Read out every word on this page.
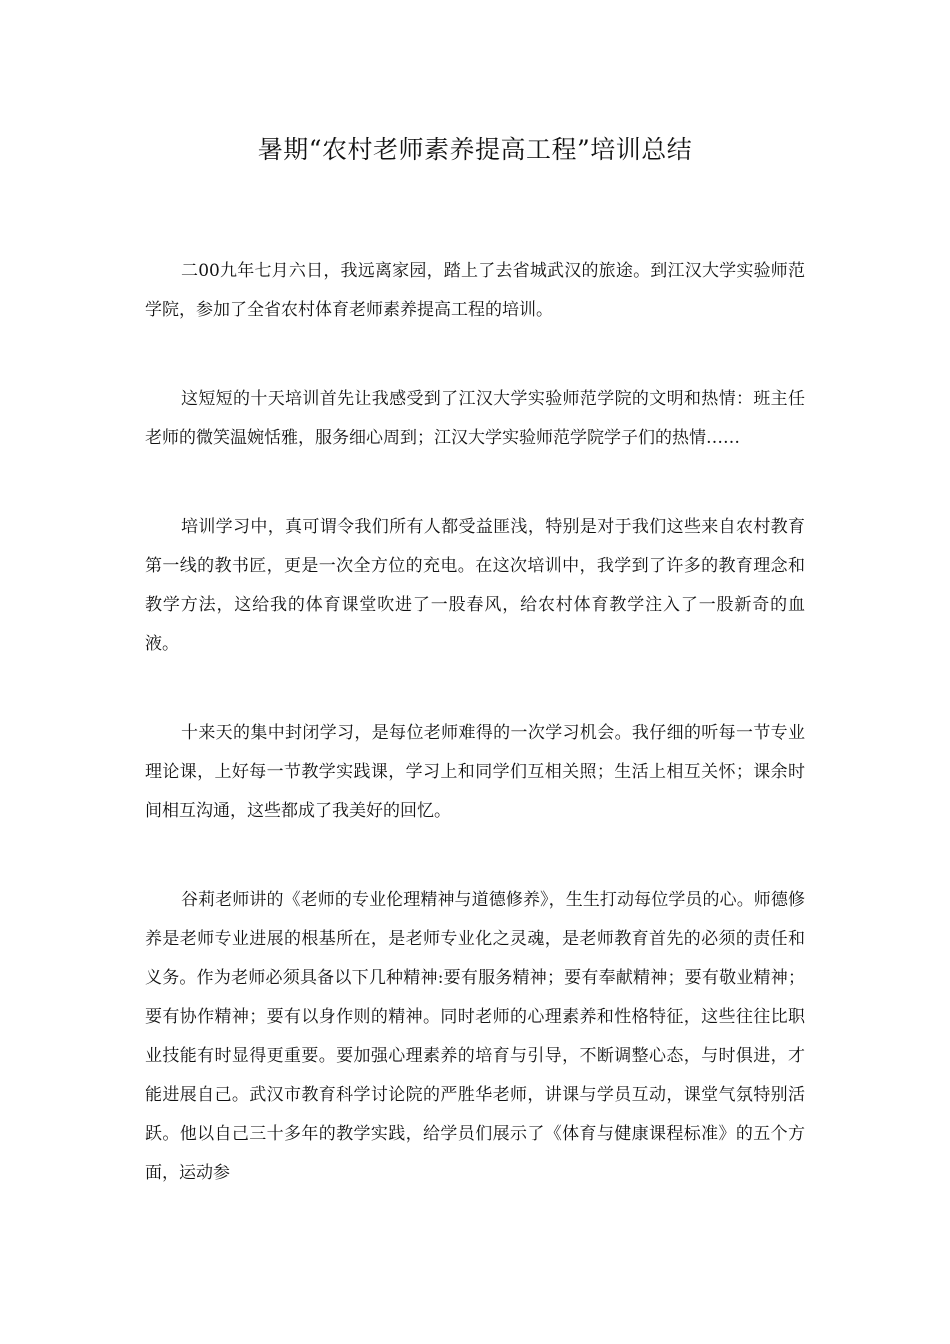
暑期“农村老师素养提高工程”培训总结

二00九年七月六日，我远离家园，踏上了去省城武汉的旅途。到江汉大学实验师范学院，参加了全省农村体育老师素养提高工程的培训。

这短短的十天培训首先让我感受到了江汉大学实验师范学院的文明和热情：班主任老师的微笑温婉恬雅，服务细心周到；江汉大学实验师范学院学子们的热情……

培训学习中，真可谓令我们所有人都受益匪浅，特别是对于我们这些来自农村教育第一线的教书匠，更是一次全方位的充电。在这次培训中，我学到了许多的教育理念和教学方法，这给我的体育课堂吹进了一股春风，给农村体育教学注入了一股新奇的血液。

十来天的集中封闭学习，是每位老师难得的一次学习机会。我仔细的听每一节专业理论课，上好每一节教学实践课，学习上和同学们互相关照；生活上相互关怀；课余时间相互沟通，这些都成了我美好的回忆。

谷莉老师讲的《老师的专业伦理精神与道德修养》，生生打动每位学员的心。师德修养是老师专业进展的根基所在，是老师专业化之灵魂，是老师教育首先的必须的责任和义务。作为老师必须具备以下几种精神:要有服务精神；要有奉献精神；要有敬业精神；要有协作精神；要有以身作则的精神。同时老师的心理素养和性格特征，这些往往比职业技能有时显得更重要。要加强心理素养的培育与引导，不断调整心态，与时俱进，才能进展自己。武汉市教育科学讨论院的严胜华老师，讲课与学员互动，课堂气氛特别活跃。他以自己三十多年的教学实践，给学员们展示了《体育与健康课程标准》的五个方面，运动参
